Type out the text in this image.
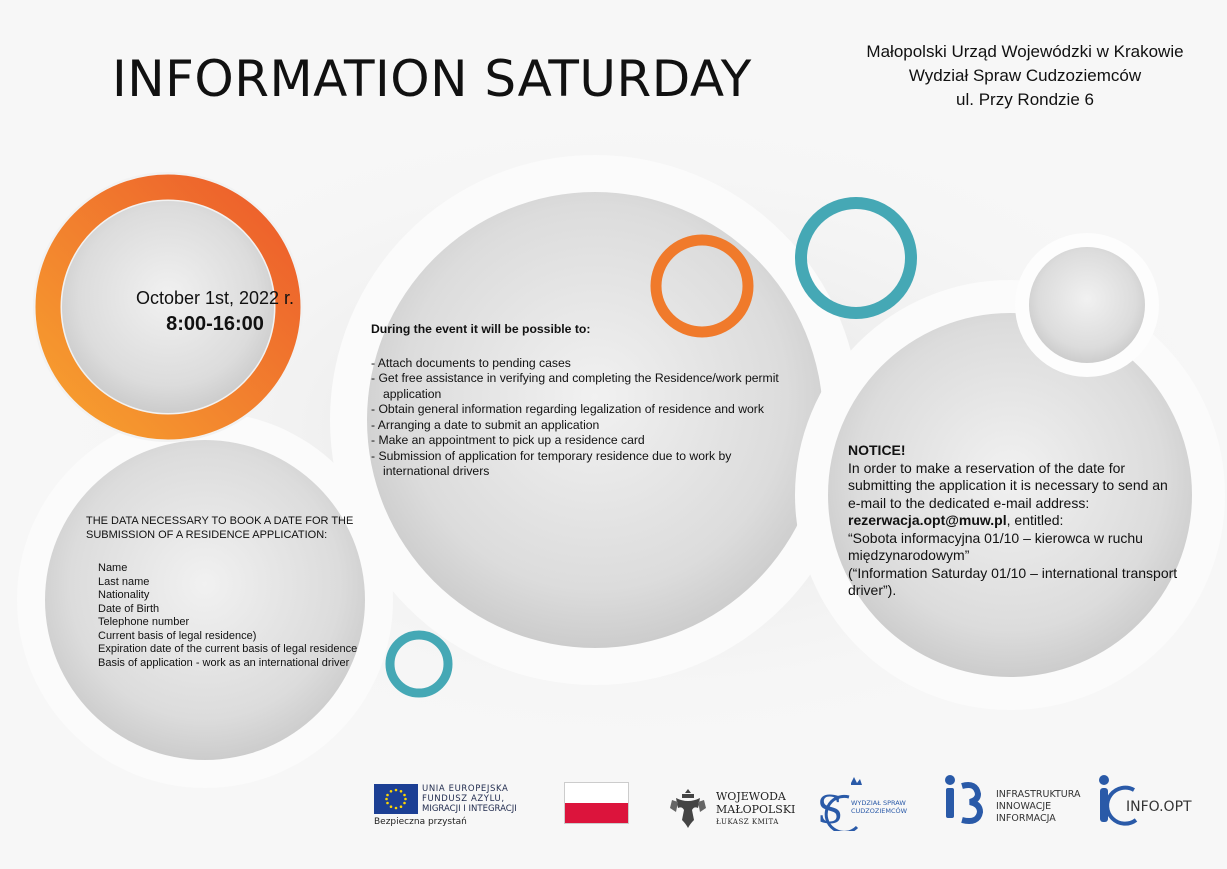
INFORMATION SATURDAY	Małopolski Urząd Wojewódzki w Krakowie
Wydział Spraw Cudzoziemców
ul. Przy Rondzie 6
October 1st, 2022 r.
8:00-16:00	During the event it will be possible to:
- Attach documents to pending cases
- Get free assistance in verifying and completing the Residence/work permit application
- Obtain general information regarding legalization of residence and work
- Arranging a date to submit an application
- Make an appointment to pick up a residence card
- Submission of application for temporary residence due to work by international drivers
THE DATA NECESSARY TO BOOK A DATE FOR THE SUBMISSION OF A RESIDENCE APPLICATION:
Name
Last name
Nationality
Date of Birth
Telephone number
Current basis of legal residence)
Expiration date of the current basis of legal residence
Basis of application - work as an international driver
NOTICE!
In order to make a reservation of the date for submitting the application it is necessary to send an e-mail to the dedicated e-mail address: rezerwacja.opt@muw.pl, entitled:
“Sobota informacyjna 01/10 – kierowca w ruchu międzynarodowym”
(“Information Saturday 01/10 – international transport driver”).
UNIA EUROPEJSKA
FUNDUSZ AZYLU,
MIGRACJI I INTEGRACJI
Bezpieczna przystań
WOJEWODA
MAŁOPOLSKI
ŁUKASZ KMITA	S WYDZIAŁ SPRAW
CUDZOZIEMCÓW
INFRASTRUKTURA
INNOWACJE
INFORMACJA
INFO.OPT
